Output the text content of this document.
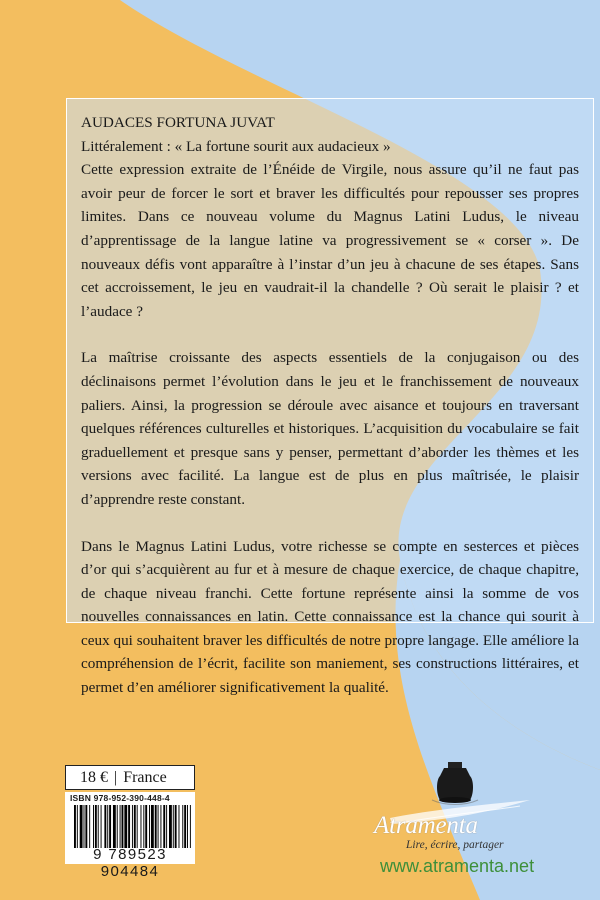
AUDACES FORTUNA JUVAT

Littéralement : « La fortune sourit aux audacieux »

Cette expression extraite de l’Énéide de Virgile, nous assure qu’il ne faut pas avoir peur de forcer le sort et braver les difficultés pour repousser ses propres limites. Dans ce nouveau volume du Magnus Latini Ludus, le niveau d’apprentissage de la langue latine va progressivement se « corser ». De nouveaux défis vont apparaître à l’instar d’un jeu à chacune de ses étapes. Sans cet accroissement, le jeu en vaudrait-il la chandelle ? Où serait le plaisir ? et l’audace ?

La maîtrise croissante des aspects essentiels de la conjugaison ou des déclinaisons permet l’évolution dans le jeu et le franchissement de nouveaux paliers. Ainsi, la progression se déroule avec aisance et toujours en traversant quelques références culturelles et historiques. L’acquisition du vocabulaire se fait graduellement et presque sans y penser, permettant d’aborder les thèmes et les versions avec facilité. La langue est de plus en plus maîtrisée, le plaisir d’apprendre reste constant.

Dans le Magnus Latini Ludus, votre richesse se compte en sesterces et pièces d’or qui s’acquièrent au fur et à mesure de chaque exercice, de chaque chapitre, de chaque niveau franchi. Cette fortune représente ainsi la somme de vos nouvelles connaissances en latin. Cette connaissance est la chance qui sourit à ceux qui souhaitent braver les difficultés de notre propre langage. Elle améliore la compréhension de l’écrit, facilite son maniement, ses constructions littéraires, et permet d’en améliorer significativement la qualité.

18 € | France
ISBN 978-952-390-448-4
9 789523 904484
Atramenta
Lire, écrire, partager
www.atramenta.net
